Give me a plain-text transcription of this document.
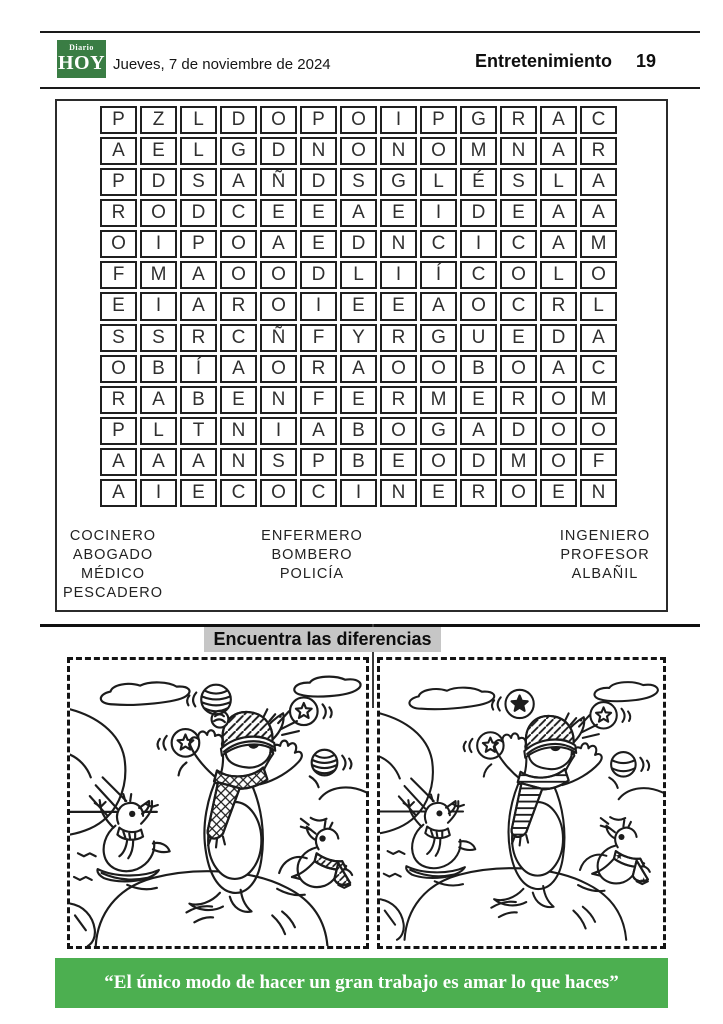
Diario
HOY Jueves, 7 de noviembre de 2024	Entretenimiento 19
P	Z	L	D	O	P	O	I	P	G	R	A	C
A	E	L	G	D	N	O	N	O	M	N	A	R
P	D	S	A	Ñ	D	S	G	L	É	S	L	A
R	O	D	C	E	E	A	E	I	D	E	A	A
O	I	P	O	A	E	D	N	C	I	C	A	M
F	M	A	O	O	D	L	I	Í	C	O	L	O
E	I	A	R	O	I	E	E	A	O	C	R	L
S	S	R	C	Ñ	F	Y	R	G	U	E	D	A
O	B	Í	A	O	R	A	O	O	B	O	A	C
R	A	B	E	N	F	E	R	M	E	R	O	M
P	L	T	N	I	A	B	O	G	A	D	O	O
A	A	A	N	S	P	B	E	O	D	M	O	F
A	I	E	C	O	C	I	N	E	R	O	E	N
COCINERO
ABOGADO
MÉDICO
PESCADERO
ENFERMERO
BOMBERO
POLICÍA
INGENIERO
PROFESOR
ALBAÑIL
Encuentra las diferencias
“El único modo de hacer un gran trabajo es amar lo que haces”
